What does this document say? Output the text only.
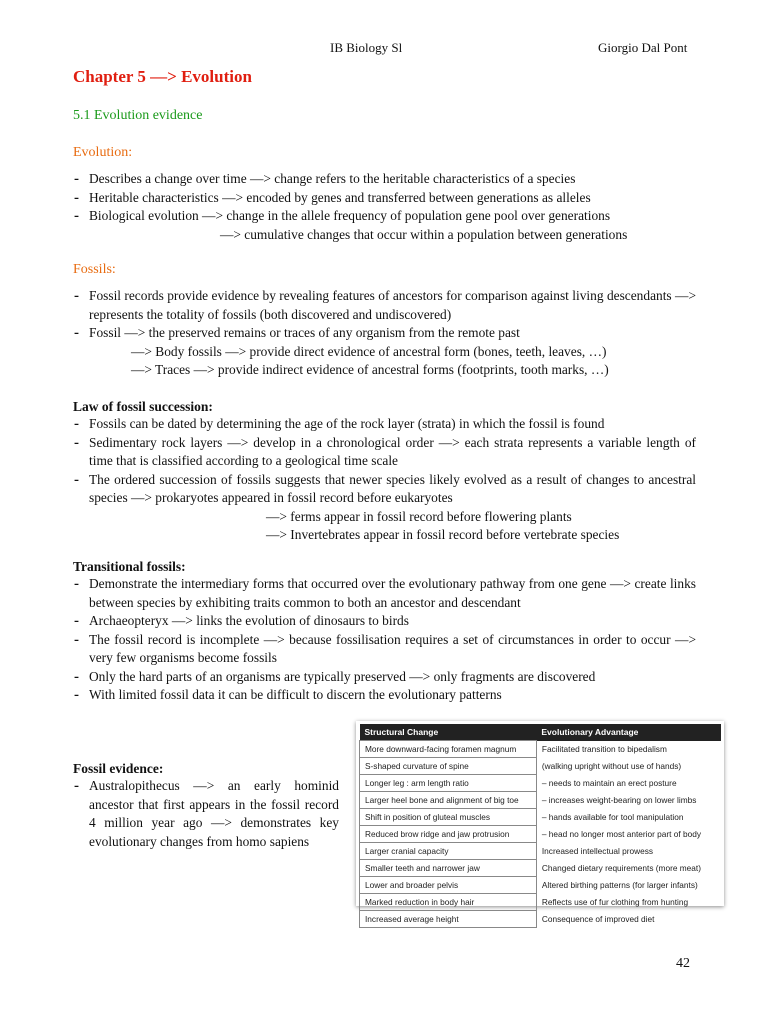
IB Biology Sl	Giorgio Dal Pont
Chapter 5 —> Evolution
5.1 Evolution evidence
Evolution:
- Describes a change over time —> change refers to the heritable characteristics of a species
- Heritable characteristics —> encoded by genes and transferred between generations as alleles
- Biological evolution —> change in the allele frequency of population gene pool over generations
—> cumulative changes that occur within a population between generations
Fossils:
- Fossil records provide evidence by revealing features of ancestors for comparison against living descendants —> represents the totality of fossils (both discovered and undiscovered)
- Fossil —> the preserved remains or traces of any organism from the remote past
—> Body fossils —> provide direct evidence of ancestral form (bones, teeth, leaves, …)
—> Traces —> provide indirect evidence of ancestral forms (footprints, tooth marks, …)
Law of fossil succession:
- Fossils can be dated by determining the age of the rock layer (strata) in which the fossil is found
- Sedimentary rock layers —> develop in a chronological order —> each strata represents a variable length of time that is classified according to a geological time scale
- The ordered succession of fossils suggests that newer species likely evolved as a result of changes to ancestral species —> prokaryotes appeared in fossil record before eukaryotes
—> ferms appear in fossil record before flowering plants
—> Invertebrates appear in fossil record before vertebrate species
Transitional fossils:
- Demonstrate the intermediary forms that occurred over the evolutionary pathway from one gene —> create links between species by exhibiting traits common to both an ancestor and descendant
- Archaeopteryx —> links the evolution of dinosaurs to birds
- The fossil record is incomplete —> because fossilisation requires a set of circumstances in order to occur —> very few organisms become fossils
- Only the hard parts of an organisms are typically preserved —> only fragments are discovered
- With limited fossil data it can be difficult to discern the evolutionary patterns
Fossil evidence:
- Australopithecus —> an early hominid ancestor that first appears in the fossil record 4 million year ago —> demonstrates key evolutionary changes from homo sapiens
Structural Change	Evolutionary Advantage
More downward-facing foramen magnum	Facilitated transition to bipedalism
S-shaped curvature of spine	(walking upright without use of hands)
Longer leg : arm length ratio	– needs to maintain an erect posture
Larger heel bone and alignment of big toe	– increases weight-bearing on lower limbs
Shift in position of gluteal muscles	– hands available for tool manipulation
Reduced brow ridge and jaw protrusion	– head no longer most anterior part of body
Larger cranial capacity	Increased intellectual prowess
Smaller teeth and narrower jaw	Changed dietary requirements (more meat)
Lower and broader pelvis	Altered birthing patterns (for larger infants)
Marked reduction in body hair	Reflects use of fur clothing from hunting
Increased average height	Consequence of improved diet
42
